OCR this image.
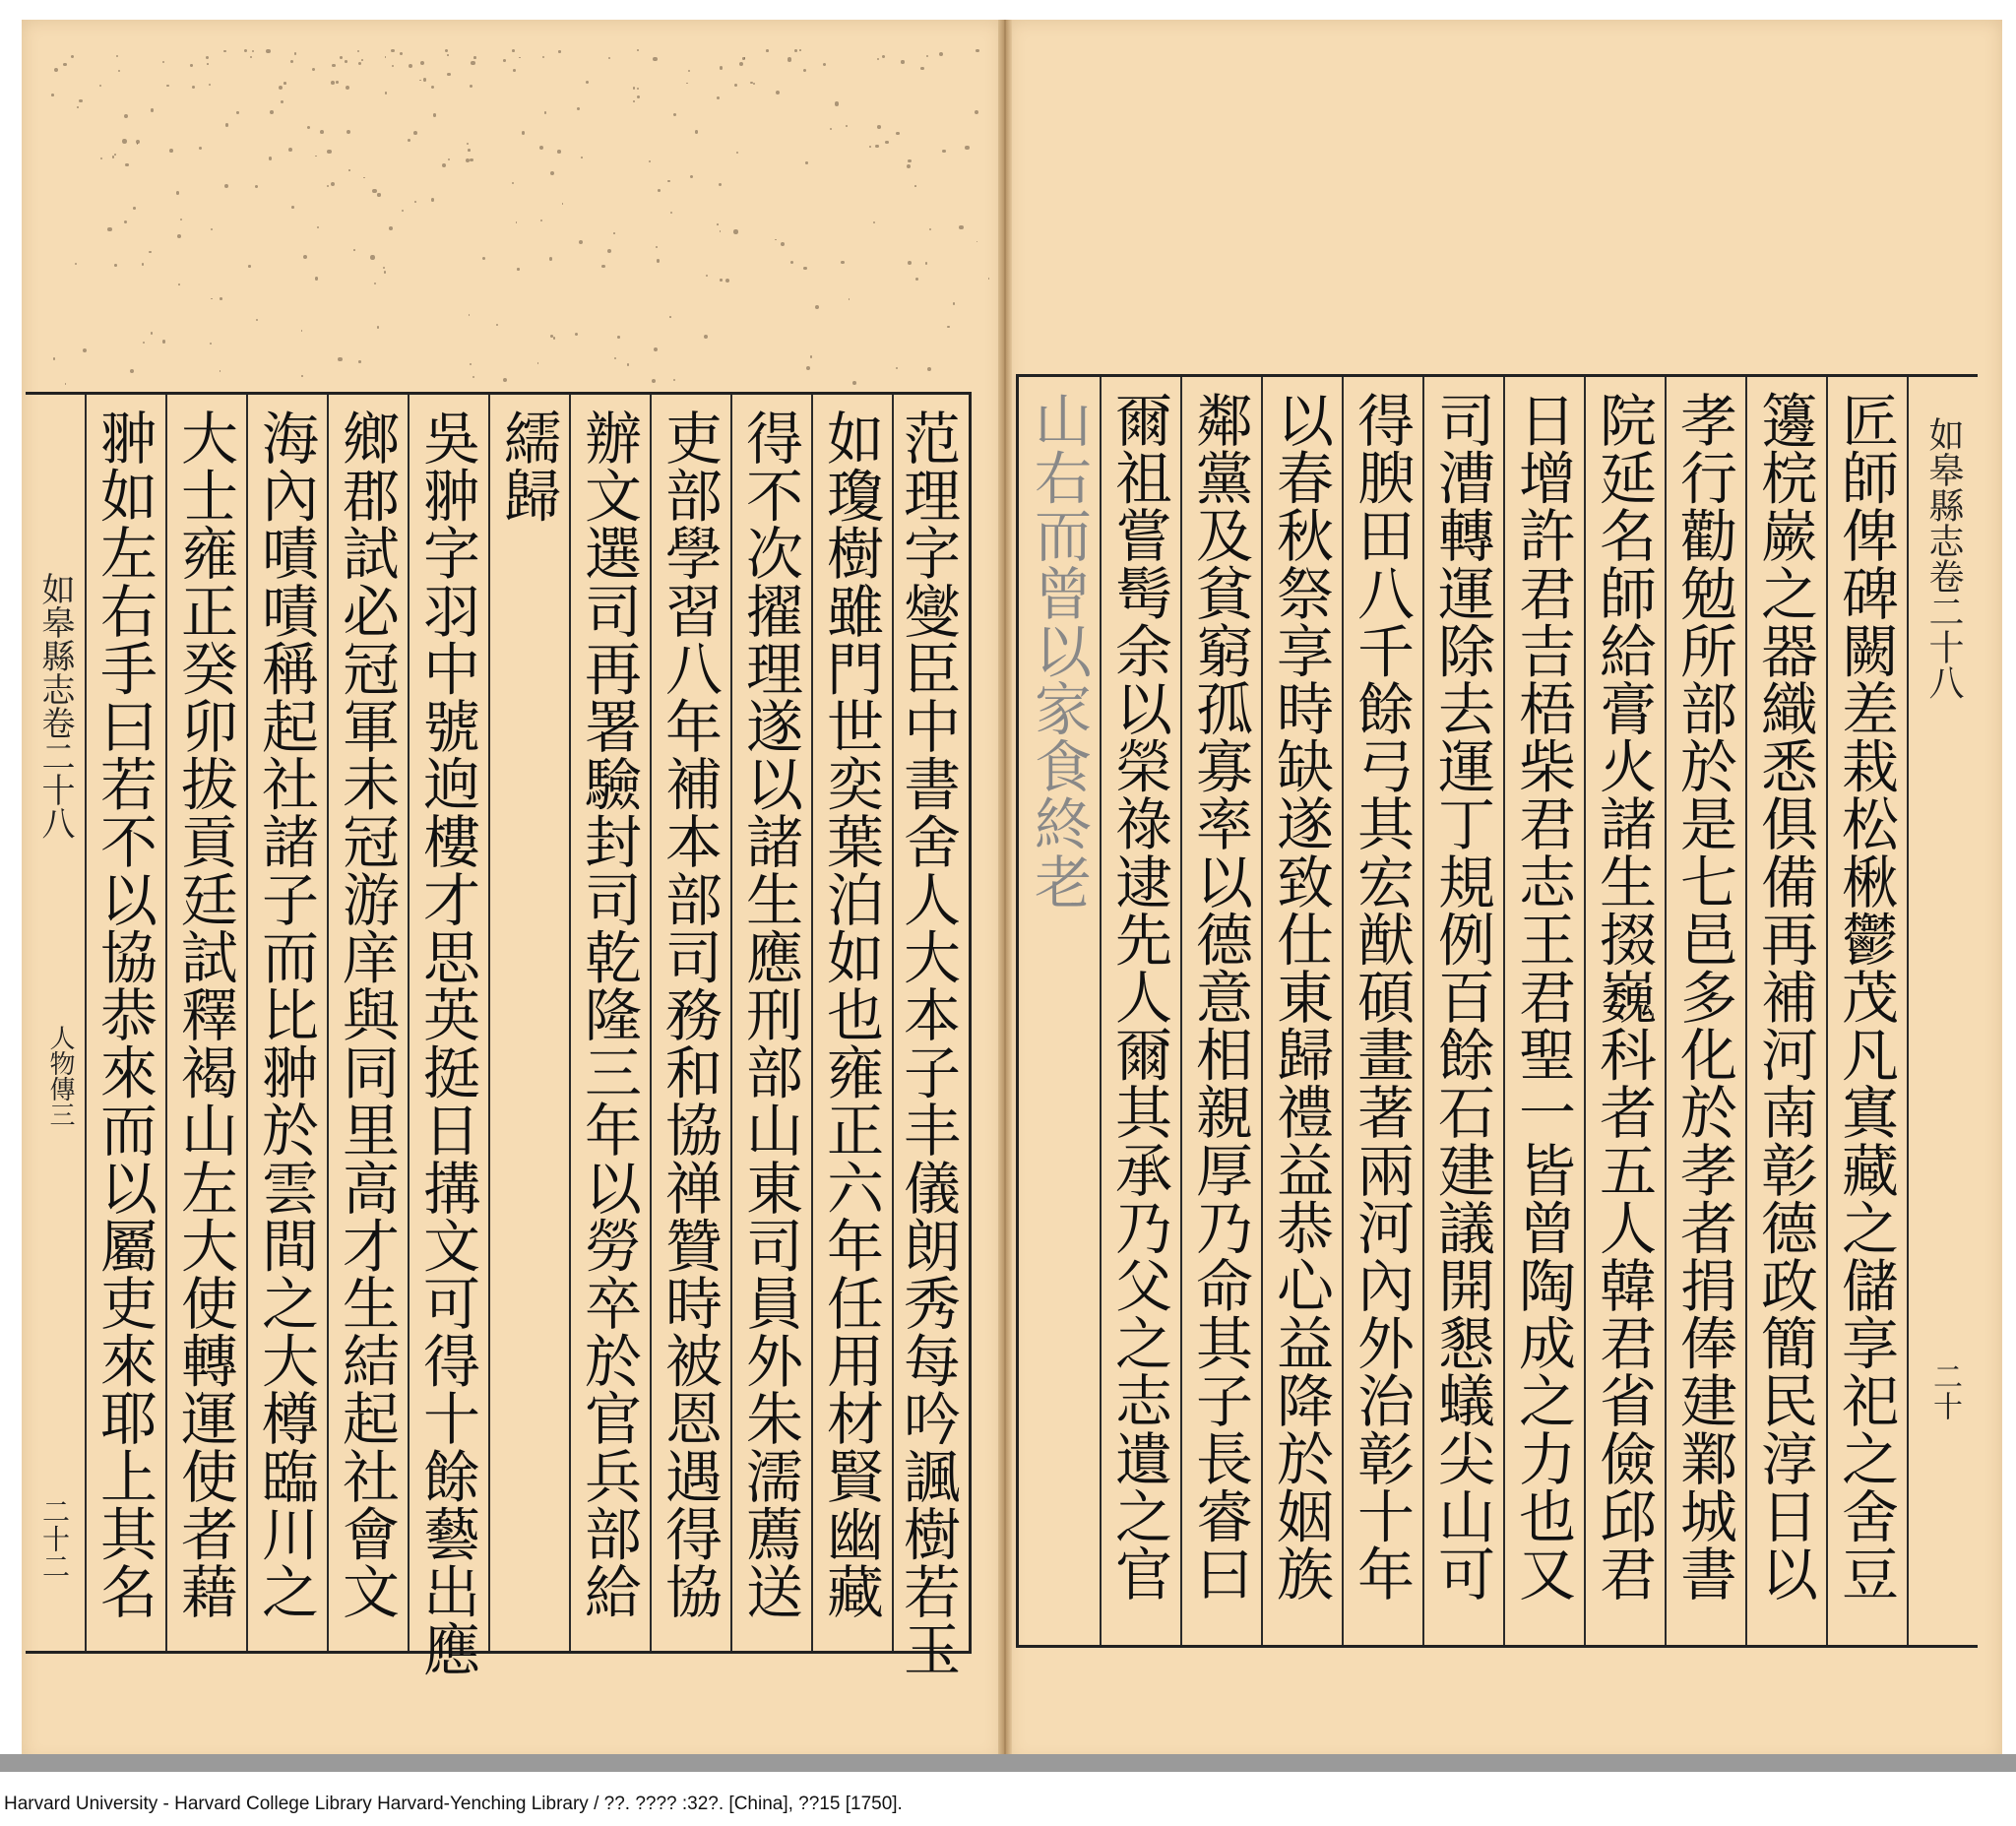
如皋縣志卷二十八
人物傳三
二十二 翀如左右手曰若不以協恭來而以屬吏來耶上其名 大士雍正癸卯拔貢廷試釋褐山左大使轉運使者藉 海內嘖嘖稱起社諸子而比翀於雲間之大樽臨川之 鄉郡試必冠軍未冠游庠與同里高才生結起社會文 吳翀字羽中號逈樓才思英挺日搆文可得十餘藝出應 繻歸 辦文選司再署驗封司乾隆三年以勞卒於官兵部給 吏部學習八年補本部司務和協禅贊時被恩遇得協 得不次擢理遂以諸生應刑部山東司員外朱濡薦送 如瓊樹雖門世奕葉泊如也雍正六年任用材賢幽藏 范理字燮臣中書舍人大本子丰儀朗秀每吟諷樹若玉 山右而曾以家食終老 爾祖嘗髩余以榮祿逮先人爾其承乃父之志遺之官 鄰黨及貧窮孤寡率以德意相親厚乃命其子長睿曰 以春秋祭享時缺遂致仕東歸禮益恭心益降於姻族 得腴田八千餘弓其宏猷碩畫著兩河內外治彰十年 司漕轉運除去運丁規例百餘石建議開懇蟻尖山可 日增許君吉梧柴君志王君聖一皆曾陶成之力也又 院延名師給膏火諸生掇巍科者五人韓君省儉邱君 孝行勸勉所部於是七邑多化於孝者捐俸建鄴城書 籩梡嶡之器織悉俱備再補河南彰德政簡民淳日以 匠師俾碑闕差栽松楸鬱茂凡寘藏之儲享祀之舍豆 如皋縣志卷二十八
二十
Harvard University - Harvard College Library Harvard-Yenching Library / ??. ???? :32?. [China], ??15 [1750].
